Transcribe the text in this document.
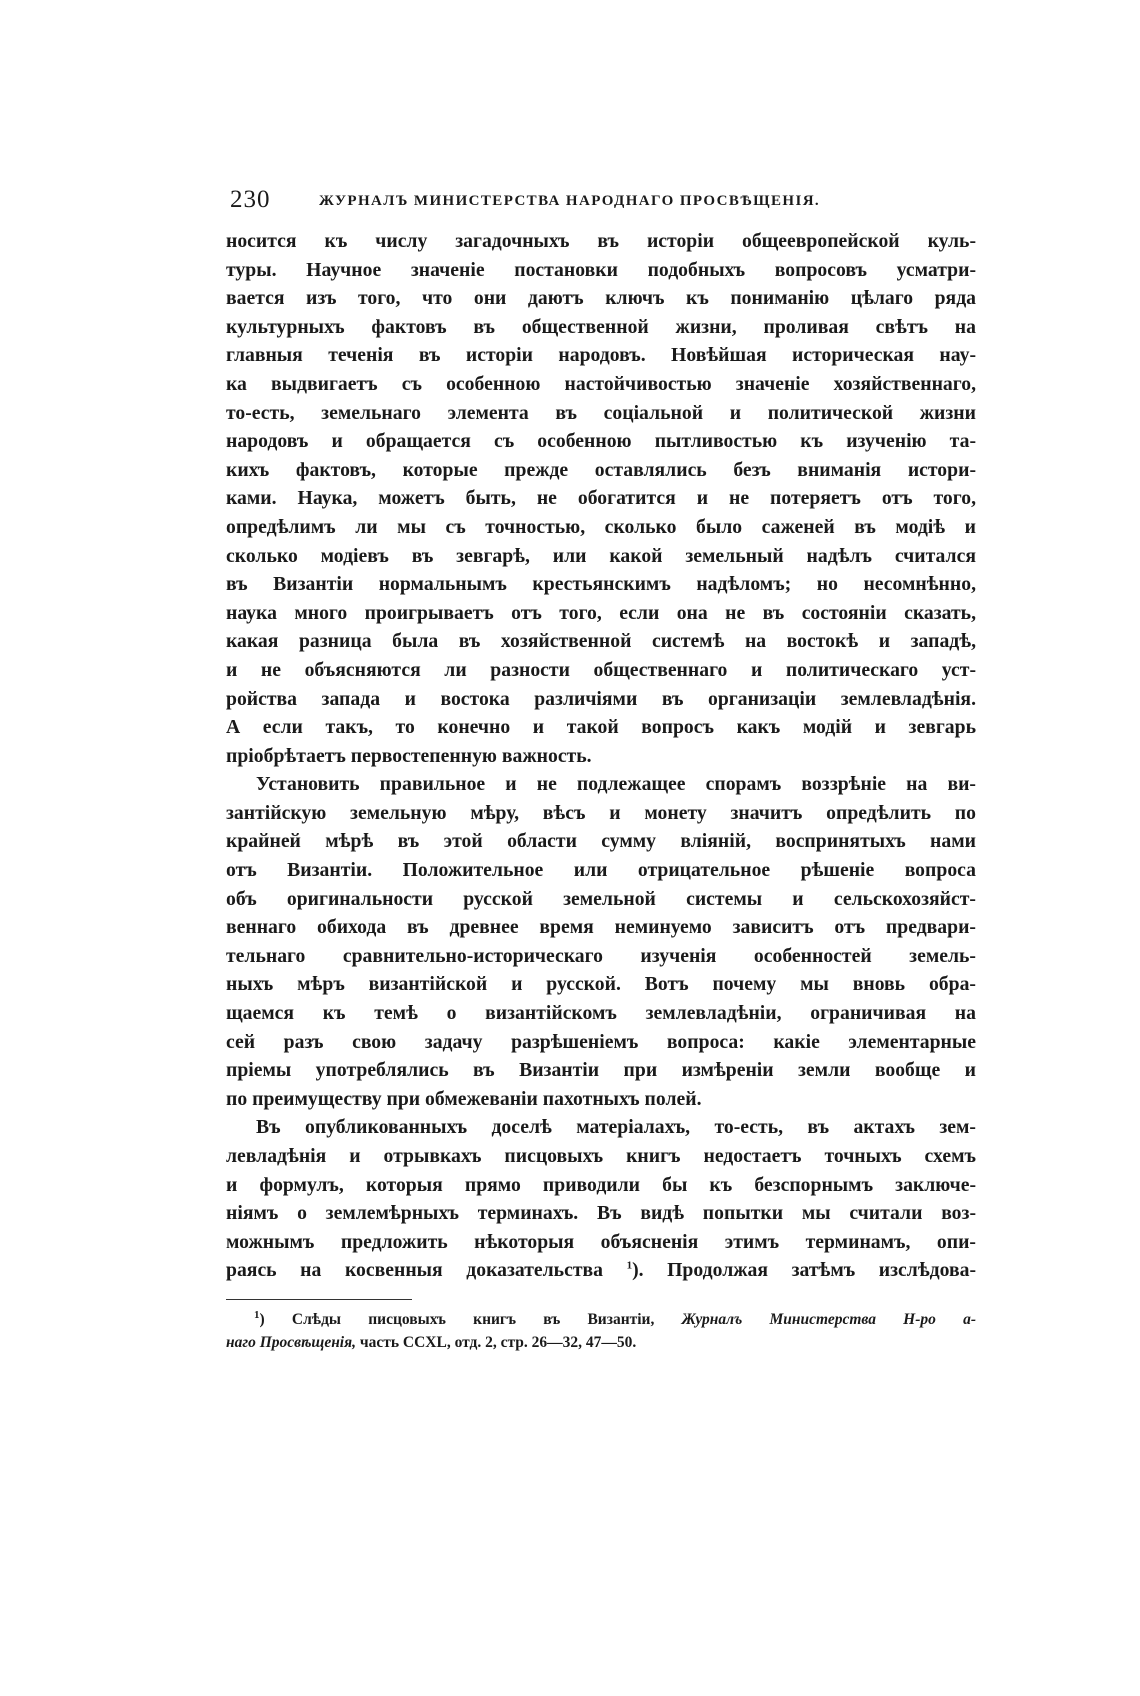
230	ЖУРНАЛЪ МИНИСТЕРСТВА НАРОДНАГО ПРОСВѢЩЕНІЯ.
носится къ числу загадочныхъ въ исторіи общеевропейской куль-
туры. Научное значеніе постановки подобныхъ вопросовъ усматри-
вается изъ того, что они даютъ ключъ къ пониманію цѣлаго ряда
культурныхъ фактовъ въ общественной жизни, проливая свѣтъ на
главныя теченія въ исторіи народовъ. Новѣйшая историческая нау-
ка выдвигаетъ съ особенною настойчивостью значеніе хозяйственнаго,
то-есть, земельнаго элемента въ соціальной и политической жизни
народовъ и обращается съ особенною пытливостью къ изученію та-
кихъ фактовъ, которые прежде оставлялись безъ вниманія истори-
ками. Наука, можетъ быть, не обогатится и не потеряетъ отъ того,
опредѣлимъ ли мы съ точностью, сколько было саженей въ модіѣ и
сколько модіевъ въ зевгарѣ, или какой земельный надѣлъ считался
въ Византіи нормальнымъ крестьянскимъ надѣломъ; но несомнѣнно,
наука много проигрываетъ отъ того, если она не въ состояніи сказать,
какая разница была въ хозяйственной системѣ на востокѣ и западѣ,
и не объясняются ли разности общественнаго и политическаго уст-
ройства запада и востока различіями въ организаціи землевладѣнія.
А если такъ, то конечно и такой вопросъ какъ модій и зевгарь
пріобрѣтаетъ первостепенную важность.
Установить правильное и не подлежащее спорамъ воззрѣніе на ви-
зантійскую земельную мѣру, вѣсъ и монету значитъ опредѣлить по
крайней мѣрѣ въ этой области сумму вліяній, воспринятыхъ нами
отъ Византіи. Положительное или отрицательное рѣшеніе вопроса
объ оригинальности русской земельной системы и сельскохозяйст-
веннаго обихода въ древнее время неминуемо зависитъ отъ предвари-
тельнаго сравнительно-историческаго изученія особенностей земель-
ныхъ мѣръ византійской и русской. Вотъ почему мы вновь обра-
щаемся къ темѣ о византійскомъ землевладѣніи, ограничивая на
сей разъ свою задачу разрѣшеніемъ вопроса: какіе элементарные
пріемы употреблялись въ Византіи при измѣреніи земли вообще и
по преимуществу при обмежеваніи пахотныхъ полей.
Въ опубликованныхъ доселѣ матеріалахъ, то-есть, въ актахъ зем-
левладѣнія и отрывкахъ писцовыхъ книгъ недостаетъ точныхъ схемъ
и формулъ, которыя прямо приводили бы къ безспорнымъ заключе-
ніямъ о землемѣрныхъ терминахъ. Въ видѣ попытки мы считали воз-
можнымъ предложить нѣкоторыя объясненія этимъ терминамъ, опи-
раясь на косвенныя доказательства $^1$). Продолжая затѣмъ изслѣдова-
$^1$) Слѣды писцовыхъ книгъ въ Византіи, Журналъ Министерства Н-ро а-
наго Просвѣщенія, часть CCXL, отд. 2, стр. 26—32, 47—50.
